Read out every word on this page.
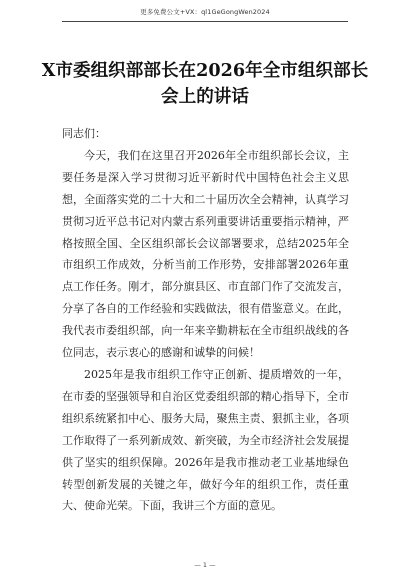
更多免费公文+VX：ql1GeGongWen2024
X市委组织部部长在2026年全市组织部长会上的讲话

同志们：

今天，我们在这里召开2026年全市组织部长会议，主要任务是深入学习贯彻习近平新时代中国特色社会主义思想，全面落实党的二十大和二十届历次全会精神，认真学习贯彻习近平总书记对内蒙古系列重要讲话重要指示精神，严格按照全国、全区组织部长会议部署要求，总结2025年全市组织工作成效，分析当前工作形势，安排部署2026年重点工作任务。刚才，部分旗县区、市直部门作了交流发言，分享了各自的工作经验和实践做法，很有借鉴意义。在此，我代表市委组织部，向一年来辛勤耕耘在全市组织战线的各位同志，表示衷心的感谢和诚挚的问候！

2025年是我市组织工作守正创新、提质增效的一年，在市委的坚强领导和自治区党委组织部的精心指导下，全市组织系统紧扣中心、服务大局，聚焦主责、狠抓主业，各项工作取得了一系列新成效、新突破，为全市经济社会发展提供了坚实的组织保障。2026年是我市推动老工业基地绿色转型创新发展的关键之年，做好今年的组织工作，责任重大、使命光荣。下面，我讲三个方面的意见。

— 1 —
